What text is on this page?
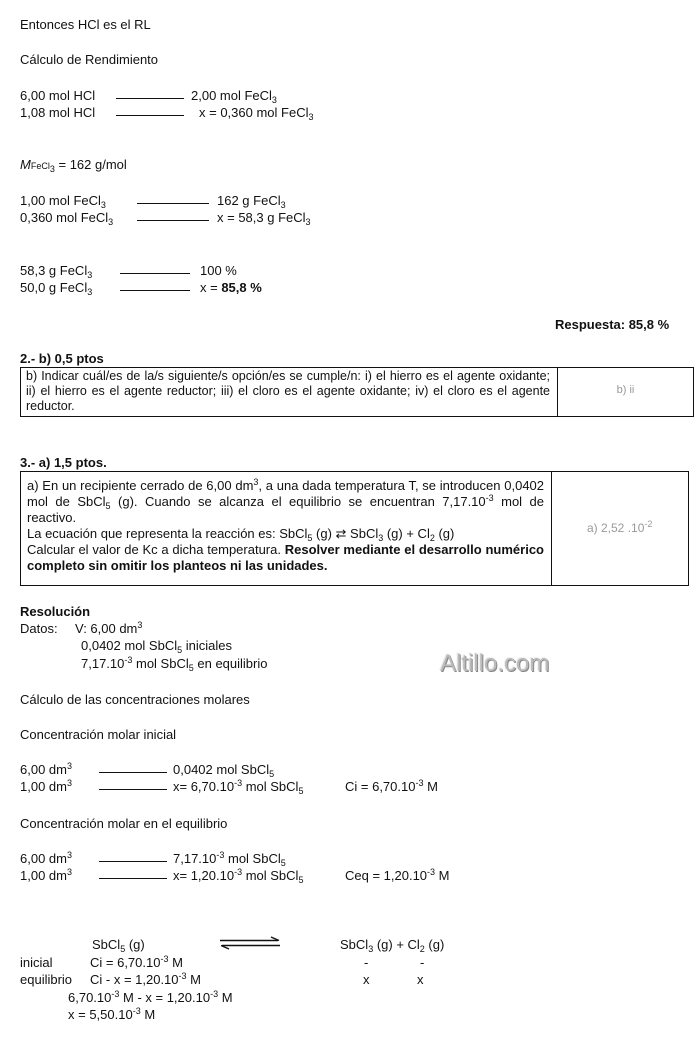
Entonces HCl es el RL
Cálculo de Rendimiento
6,00 mol HCl	2,00 mol FeCl$_3$
1,08 mol HCl	x = 0,360 mol FeCl$_3$
MFeCl$_3$ = 162 g/mol
1,00 mol FeCl$_3$	162 g FeCl$_3$
0,360 mol FeCl$_3$	x = 58,3 g FeCl$_3$
58,3 g FeCl$_3$	100 %
50,0 g FeCl$_3$	x = 85,8 %
Respuesta: 85,8 %
2.- b) 0,5 ptos
b) Indicar cuál/es de la/s siguiente/s opción/es se cumple/n: i) el hierro es el agente oxidante; ii) el hierro es el agente reductor; iii) el cloro es el agente oxidante; iv) el cloro es el agente reductor.
b) ii
3.- a) 1,5 ptos.
a) En un recipiente cerrado de 6,00 $dm^3$, a una dada temperatura T, se introducen 0,0402 mol de SbCl$_5$ (g). Cuando se alcanza el equilibrio se encuentran $7,17.10^{-3}$ mol de reactivo.
La ecuación que representa la reacción es: SbCl$_5$ (g) ⇄ SbCl$_3$ $(g) + Cl_2$ (g)
Calcular el valor de Kc a dicha temperatura. Resolver mediante el desarrollo numérico completo sin omitir los planteos ni las unidades.
a) 2,52 $.10^{-2}$
Resolución
Datos: V: 6,00 $dm^3$
0,0402 mol SbCl$_5$ iniciales
$7,17.10^{-3}$ mol SbCl$_5$ en equilibrio	Altillo.com
Cálculo de las concentraciones molares
Concentración molar inicial
6,00 $dm^3$	0,0402 mol SbCl$_5$
1,00 $dm^3$	$x= 6,70.10^{-3}$ mol SbCl$_5$	$Ci = 6,70.10^{-3}$ M
Concentración molar en el equilibrio
6,00 $dm^3$	$7,17.10^{-3}$ mol SbCl$_5$
1,00 $dm^3$	$x= 1,20.10^{-3}$ mol SbCl$_5$	Ceq = $1,20.10^{-3}$ M
SbCl$_5$ (g)	SbCl$_3$ $(g) + Cl_2$ (g)
inicial	$Ci = 6,70.10^{-3}$ M	-	-
equilibrio $Ci - x = 1,20.10^{-3}$ M	x	x
$6,70.10^{-3}$ $M - x = 1,20.10^{-3}$ M
$x = 5,50.10^{-3}$ M
